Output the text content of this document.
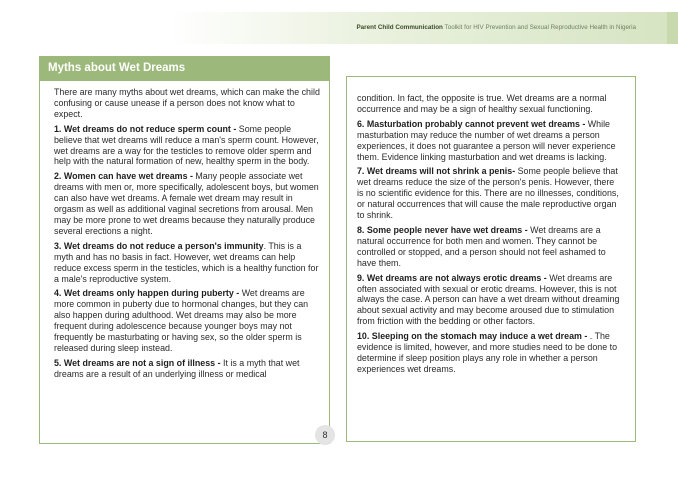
Parent Child Communication Toolkit for HIV Prevention and Sexual Reproductive Health in Nigeria
Myths about Wet Dreams

There are many myths about wet dreams, which can make the child confusing or cause unease if a person does not know what to expect.

1. Wet dreams do not reduce sperm count - Some people believe that wet dreams will reduce a man's sperm count. However, wet dreams are a way for the testicles to remove older sperm and help with the natural formation of new, healthy sperm in the body.

2. Women can have wet dreams - Many people associate wet dreams with men or, more specifically, adolescent boys, but women can also have wet dreams. A female wet dream may result in orgasm as well as additional vaginal secretions from arousal. Men may be more prone to wet dreams because they naturally produce several erections a night.

3. Wet dreams do not reduce a person's immunity. This is a myth and has no basis in fact. However, wet dreams can help reduce excess sperm in the testicles, which is a healthy function for a male's reproductive system.

4. Wet dreams only happen during puberty - Wet dreams are more common in puberty due to hormonal changes, but they can also happen during adulthood. Wet dreams may also be more frequent during adolescence because younger boys may not frequently be masturbating or having sex, so the older sperm is released during sleep instead.

5. Wet dreams are not a sign of illness - It is a myth that wet dreams are a result of an underlying illness or medical

condition. In fact, the opposite is true. Wet dreams are a normal occurrence and may be a sign of healthy sexual functioning.

6. Masturbation probably cannot prevent wet dreams - While masturbation may reduce the number of wet dreams a person experiences, it does not guarantee a person will never experience them. Evidence linking masturbation and wet dreams is lacking.

7. Wet dreams will not shrink a penis- Some people believe that wet dreams reduce the size of the person's penis. However, there is no scientific evidence for this. There are no illnesses, conditions, or natural occurrences that will cause the male reproductive organ to shrink.

8. Some people never have wet dreams - Wet dreams are a natural occurrence for both men and women. They cannot be controlled or stopped, and a person should not feel ashamed to have them.

9. Wet dreams are not always erotic dreams - Wet dreams are often associated with sexual or erotic dreams. However, this is not always the case. A person can have a wet dream without dreaming about sexual activity and may become aroused due to stimulation from friction with the bedding or other factors.

10. Sleeping on the stomach may induce a wet dream - . The evidence is limited, however, and more studies need to be done to determine if sleep position plays any role in whether a person experiences wet dreams.

8
